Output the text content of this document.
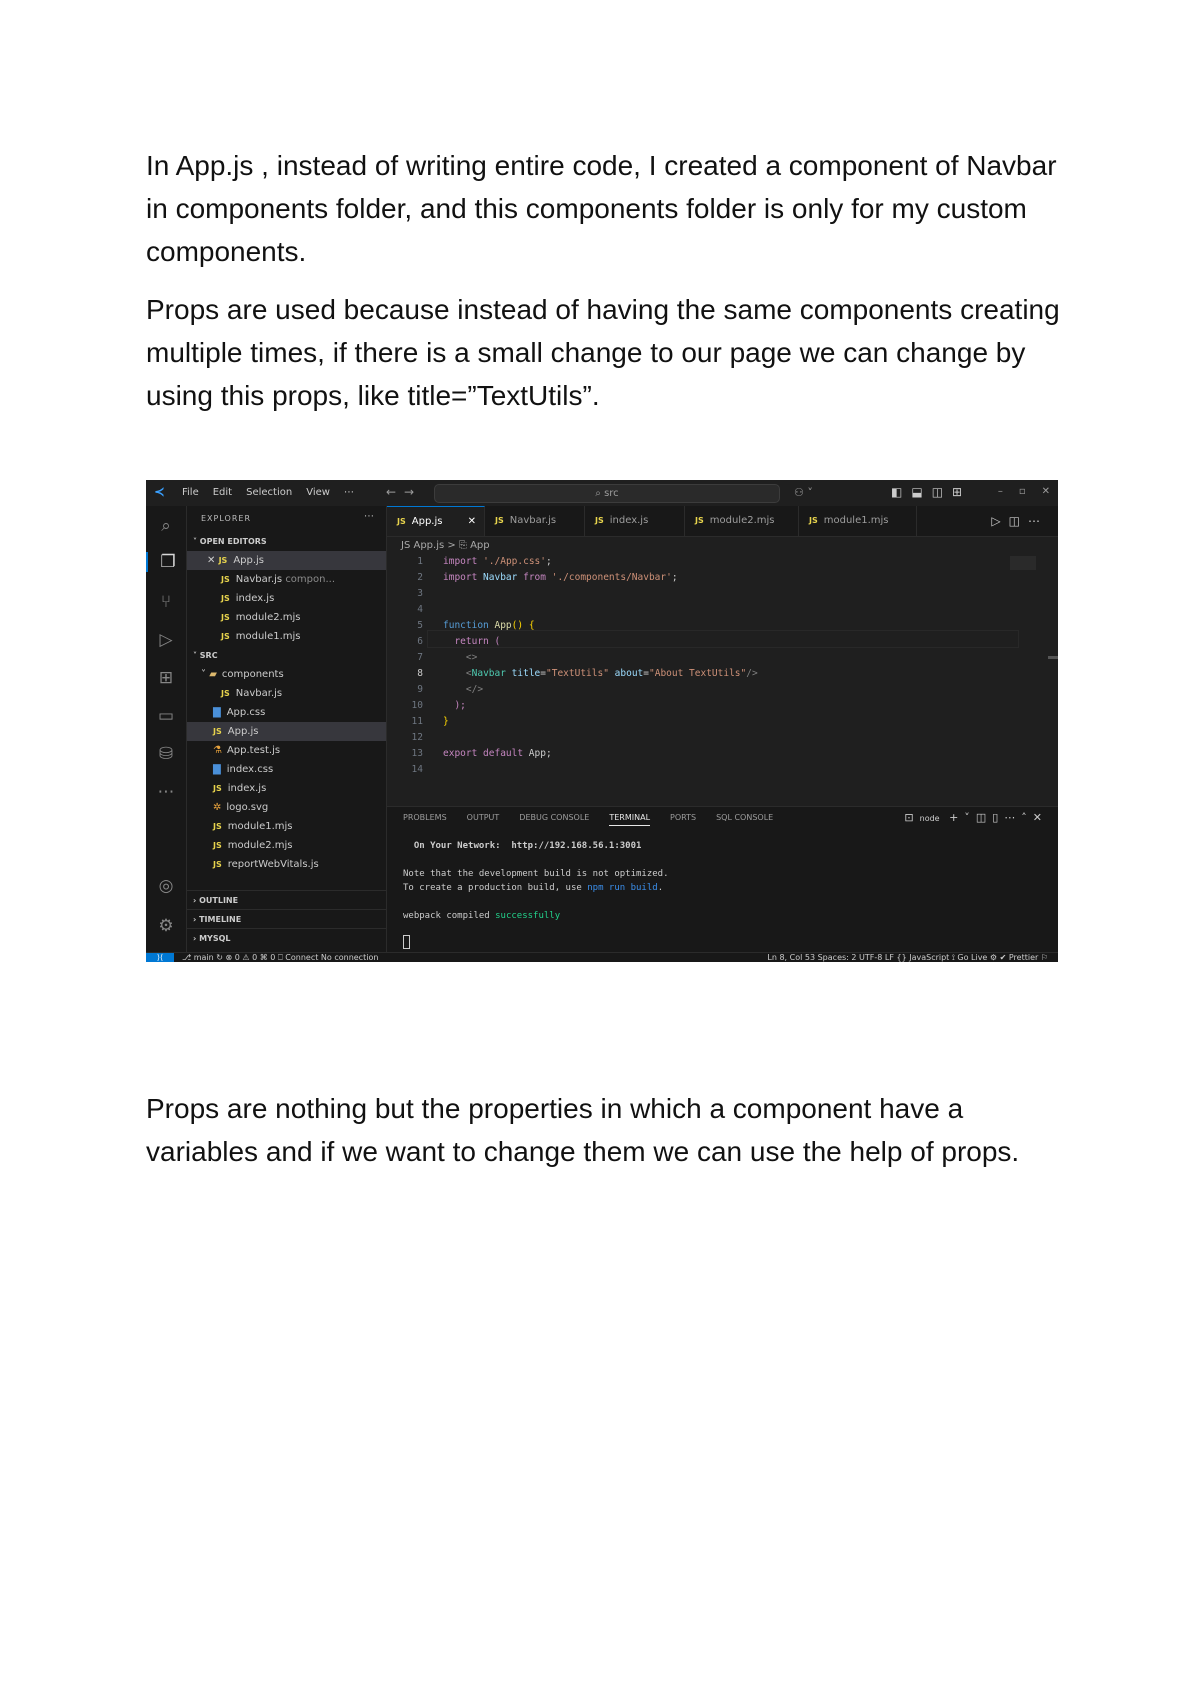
In App.js , instead of writing entire code, I created a component of Navbar in components folder, and this components folder is only for my custom components.

Props are used because instead of having the same components creating multiple times, if there is a small change to our page we can change by using this props, like title=”TextUtils”.

≺ File Edit Selection View ⋯	←→	⌕ src	⚇ ˅	◧ ⬓ ◫ ⊞	– ▫ ✕
⌕
❐
⑂
▷
⊞
▭
⛁
⋯
◎
⚙
EXPLORER	⋯
˅ OPEN EDITORS
✕ JS App.js
JS Navbar.js compon...
JS index.js
JS module2.mjs
JS module1.mjs
˅ SRC
˅ ▰ components
JS Navbar.js
▇ App.css
JS App.js
⚗ App.test.js
▇ index.css
JS index.js
✲ logo.svg
JS module1.mjs
JS module2.mjs
JS reportWebVitals.js
› OUTLINE
› TIMELINE
› MYSQL
JS App.js	✕	JS Navbar.js	JS index.js	JS module2.mjs	JS module1.mjs	▷◫⋯
JS App.js > ⎘ App
1
2
3
4
5
6
7
8
9
10
11
12
13
14
import './App.css';
import Navbar from './components/Navbar';
function App() {
return (
<>
<Navbar title="TextUtils" about="About TextUtils"/>
</>
);
}
export default App;
PROBLEMS	OUTPUT	DEBUG CONSOLE	TERMINAL	PORTS	SQL CONSOLE	⊡node +˅◫▯⋯˄✕
On Your Network:  http://192.168.56.1:3001
Note that the development build is not optimized.
To create a production build, use npm run build.
webpack compiled successfully
⟩⟨	⎇ main ↻ ⊗ 0 ⚠ 0 ⌘ 0 ⎕ Connect No connection	Ln 8, Col 53 Spaces: 2 UTF-8 LF {} JavaScript ⟟ Go Live ⚙ ✔ Prettier ⚐

Props are nothing but the properties in which a component have a variables and if we want to change them we can use the help of props.
